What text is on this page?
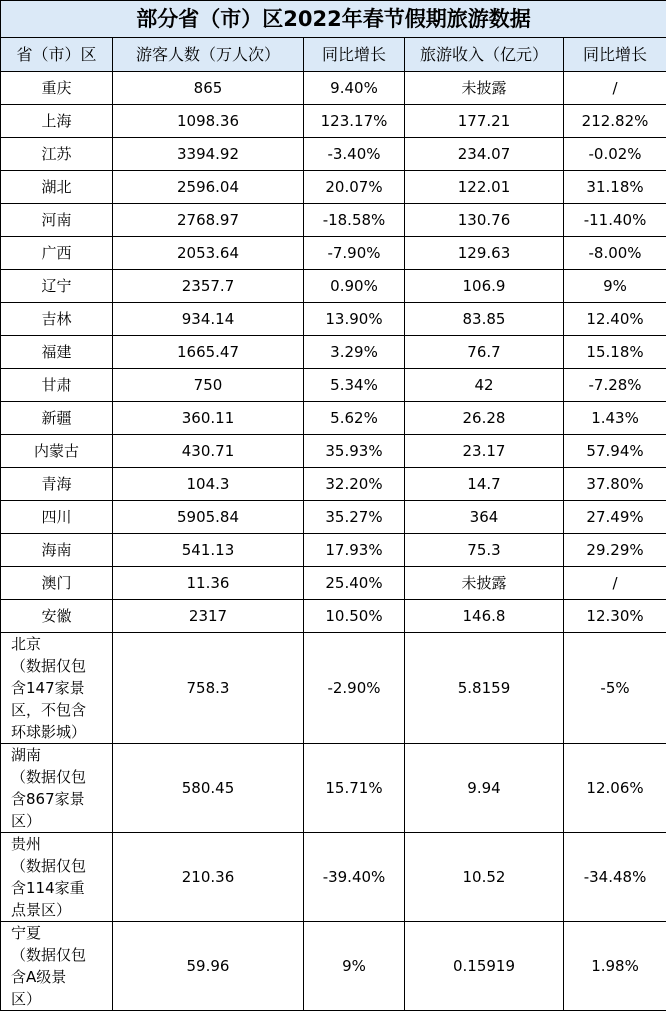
部分省（市）区2022年春节假期旅游数据				
省（市）区	游客人数（万人次）	同比增长	旅游收入（亿元）	同比增长
重庆	865	9.40%	未披露	/
上海	1098.36	123.17%	177.21	212.82%
江苏	3394.92	-3.40%	234.07	-0.02%
湖北	2596.04	20.07%	122.01	31.18%
河南	2768.97	-18.58%	130.76	-11.40%
广西	2053.64	-7.90%	129.63	-8.00%
辽宁	2357.7	0.90%	106.9	9%
吉林	934.14	13.90%	83.85	12.40%
福建	1665.47	3.29%	76.7	15.18%
甘肃	750	5.34%	42	-7.28%
新疆	360.11	5.62%	26.28	1.43%
内蒙古	430.71	35.93%	23.17	57.94%
青海	104.3	32.20%	14.7	37.80%
四川	5905.84	35.27%	364	27.49%
海南	541.13	17.93%	75.3	29.29%
澳门	11.36	25.40%	未披露	/
安徽	2317	10.50%	146.8	12.30%

北京
（数据仅包
含147家景
区，不包含
环球影城）	758.3	-2.90%	5.8159	-5%

湖南
（数据仅包
含867家景
区）	580.45	15.71%	9.94	12.06%

贵州
（数据仅包
含114家重
点景区）	210.36	-39.40%	10.52	-34.48%

宁夏
（数据仅包
含A级景
区）	59.96	9%	0.15919	1.98%
